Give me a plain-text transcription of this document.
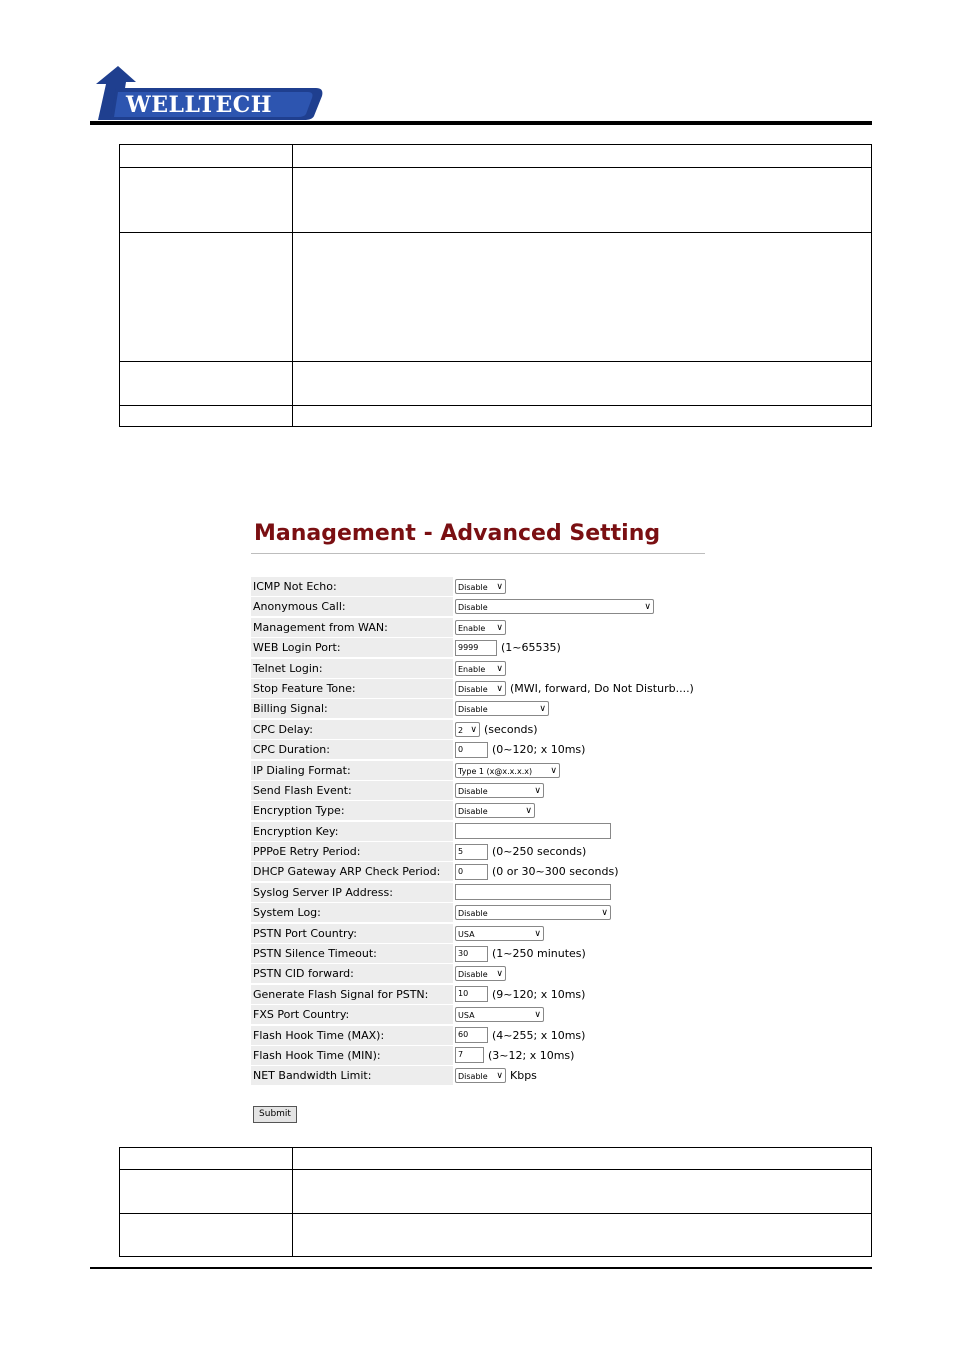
WELLTECH

Management - Advanced Setting
ICMP Not Echo:	Disable ∨
Anonymous Call:	Disable	∨
Management from WAN:	Enable ∨
WEB Login Port:	9999	(1~65535)
Telnet Login:	Enable ∨
Stop Feature Tone:	Disable ∨ (MWI, forward, Do Not Disturb....)
Billing Signal:	Disable	∨
CPC Delay:	2 ∨ (seconds)
CPC Duration:	0	(0~120; x 10ms)
IP Dialing Format:	Type 1 (x@x.x.x.x) ∨
Send Flash Event:	Disable	∨
Encryption Type:	Disable	∨
Encryption Key:
PPPoE Retry Period:	5	(0~250 seconds)
DHCP Gateway ARP Check Period:	0	(0 or 30~300 seconds)
Syslog Server IP Address:
System Log:	Disable	∨
PSTN Port Country:	USA	∨
PSTN Silence Timeout:	30	(1~250 minutes)
PSTN CID forward:	Disable ∨
Generate Flash Signal for PSTN:	10	(9~120; x 10ms)
FXS Port Country:	USA	∨
Flash Hook Time (MAX):	60	(4~255; x 10ms)
Flash Hook Time (MIN):	7	(3~12; x 10ms)
NET Bandwidth Limit:	Disable ∨ Kbps
Submit
